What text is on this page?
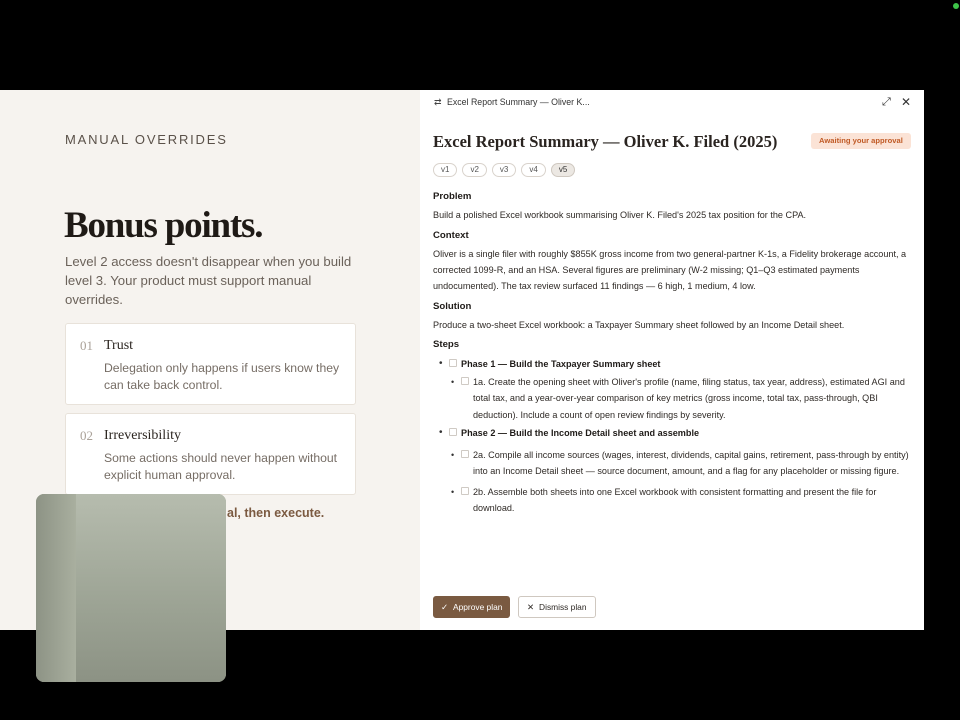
MANUAL OVERRIDES
Bonus points.

Level 2 access doesn't disappear when you build level 3. Your product must support manual overrides.

01 Trust

Delegation only happens if users know they can take back control.

02 Irreversibility

Some actions should never happen without explicit human approval.

al, then execute.
⇄ Excel Report Summary — Oliver K...	⤢ ✕
Excel Report Summary — Oliver K. Filed (2025)	Awaiting your approval
v1	v2	v3	v4	v5
Problem

Build a polished Excel workbook summarising Oliver K. Filed's 2025 tax position for the CPA.

Context

Oliver is a single filer with roughly $855K gross income from two general-partner K-1s, a Fidelity brokerage account, a corrected 1099-R, and an HSA. Several figures are preliminary (W-2 missing; Q1–Q3 estimated payments undocumented). The tax review surfaced 11 findings — 6 high, 1 medium, 4 low.

Solution

Produce a two-sheet Excel workbook: a Taxpayer Summary sheet followed by an Income Detail sheet.

Steps
•	Phase 1 — Build the Taxpayer Summary sheet
•	1a. Create the opening sheet with Oliver's profile (name, filing status, tax year, address), estimated AGI and total tax, and a year-over-year comparison of key metrics (gross income, total tax, pass-through, QBI deduction). Include a count of open review findings by severity.
•	Phase 2 — Build the Income Detail sheet and assemble
•	2a. Compile all income sources (wages, interest, dividends, capital gains, retirement, pass-through by entity) into an Income Detail sheet — source document, amount, and a flag for any placeholder or missing figure.
•	2b. Assemble both sheets into one Excel workbook with consistent formatting and present the file for download.
✓ Approve plan	✕ Dismiss plan
